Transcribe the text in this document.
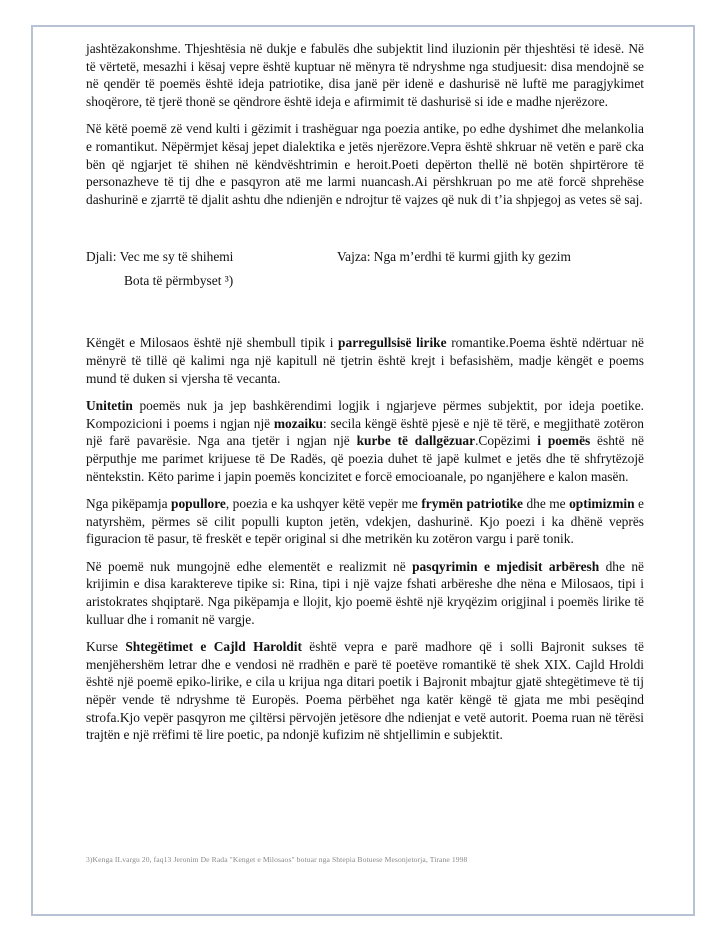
jashtëzakonshme. Thjeshtësia në dukje e fabulës dhe subjektit lind iluzionin për thjeshtësi të idesë. Në të vërtetë, mesazhi i kësaj vepre është kuptuar në mënyra të ndryshme nga studjuesit: disa mendojnë se në qendër të poemës është ideja patriotike, disa janë për idenë e dashurisë në luftë me paragjykimet shoqërore, të tjerë thonë se qëndrore është ideja e afirmimit të dashurisë si ide e madhe njerëzore.

Në këtë poemë zë vend kulti i gëzimit i trashëguar nga poezia antike, po edhe dyshimet dhe melankolia e romantikut. Nëpërmjet kësaj jepet dialektika e jetës njerëzore.Vepra është shkruar në vetën e parë cka bën që ngjarjet të shihen në këndvështrimin e heroit.Poeti depërton thellë në botën shpirtërore të personazheve të tij dhe e pasqyron atë me larmi nuancash.Ai përshkruan po me atë forcë shprehëse dashurinë e zjarrtë të djalit ashtu dhe ndienjën e ndrojtur të vajzes që nuk di t’ia shpjegoj as vetes së saj.

Djali: Vec me sy të shihemi	Vajza: Nga m’erdhi të kurmi gjith ky gezim
Bota të përmbyset ³)

Këngët e Milosaos është një shembull tipik i parregullsisë lirike romantike.Poema është ndërtuar në mënyrë të tillë që kalimi nga një kapitull në tjetrin është krejt i befasishëm, madje këngët e poems mund të duken si vjersha të vecanta.

Unitetin poemës nuk ja jep bashkërendimi logjik i ngjarjeve përmes subjektit, por ideja poetike. Kompozicioni i poems i ngjan një mozaiku: secila këngë është pjesë e një të tërë, e megjithatë zotëron një farë pavarësie. Nga ana tjetër i ngjan një kurbe të dallgëzuar.Copëzimi i poemës është në përputhje me parimet krijuese të De Radës, që poezia duhet të japë kulmet e jetës dhe të shfrytëzojë nëntekstin. Këto parime i japin poemës koncizitet e forcë emocioanale, po nganjëhere e kalon masën.

Nga pikëpamja popullore, poezia e ka ushqyer këtë vepër me frymën patriotike dhe me optimizmin e natyrshëm, përmes së cilit populli kupton jetën, vdekjen, dashurinë. Kjo poezi i ka dhënë veprës figuracion të pasur, të freskët e tepër original si dhe metrikën ku zotëron vargu i parë tonik.

Në poemë nuk mungojnë edhe elementët e realizmit në pasqyrimin e mjedisit arbëresh dhe në krijimin e disa karaktereve tipike si: Rina, tipi i një vajze fshati arbëreshe dhe nëna e Milosaos, tipi i aristokrates shqiptarë. Nga pikëpamja e llojit, kjo poemë është një kryqëzim origjinal i poemës lirike të kulluar dhe i romanit në vargje.

Kurse Shtegëtimet e Cajld Haroldit është vepra e parë madhore që i solli Bajronit sukses të menjëhershëm letrar dhe e vendosi në rradhën e parë të poetëve romantikë të shek XIX. Cajld Hroldi është një poemë epiko-lirike, e cila u krijua nga ditari poetik i Bajronit mbajtur gjatë shtegëtimeve të tij nëpër vende të ndryshme të Europës. Poema përbëhet nga katër këngë të gjata me mbi pesëqind strofa.Kjo vepër pasqyron me çiltërsi përvojën jetësore dhe ndienjat e vetë autorit. Poema ruan në tërësi trajtën e një rrëfimi të lire poetic, pa ndonjë kufizim në shtjellimin e subjektit.

3)Kenga ILvargu 20, faq13 Jeronim De Rada "Kenget e Milosaos" botuar nga Shtepia Botuese Mesonjetorja, Tirane 1998
